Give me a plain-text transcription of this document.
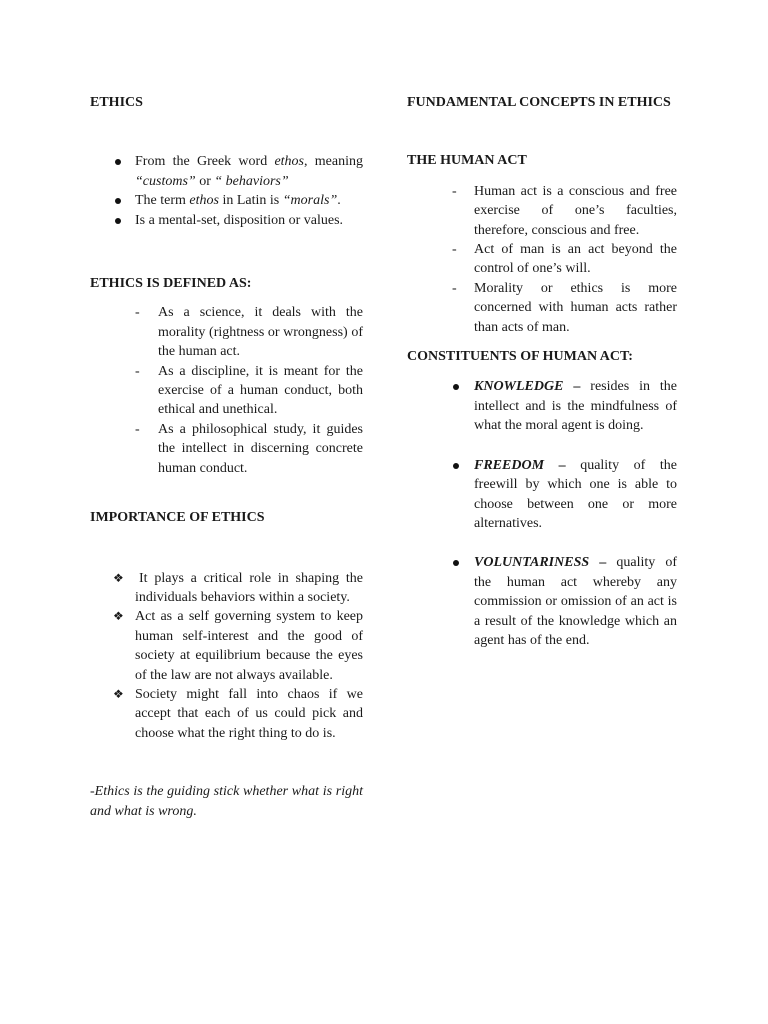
ETHICS
From the Greek word ethos, meaning “customs” or “ behaviors”
The term ethos in Latin is “morals”.
Is a mental-set, disposition or values.
ETHICS IS DEFINED AS:
- As a science, it deals with the morality (rightness or wrongness) of the human act.
- As a discipline, it is meant for the exercise of a human conduct, both ethical and unethical.
- As a philosophical study, it guides the intellect in discerning concrete human conduct.
IMPORTANCE OF ETHICS
❖ It plays a critical role in shaping the individuals behaviors within a society.
❖ Act as a self governing system to keep human self-interest and the good of society at equilibrium because the eyes of the law are not always available.
❖ Society might fall into chaos if we accept that each of us could pick and choose what the right thing to do is.
-Ethics is the guiding stick whether what is right and what is wrong.
FUNDAMENTAL CONCEPTS IN ETHICS
THE HUMAN ACT
- Human act is a conscious and free exercise of one’s faculties, therefore, conscious and free.
- Act of man is an act beyond the control of one’s will.
- Morality or ethics is more concerned with human acts rather than acts of man.
CONSTITUENTS OF HUMAN ACT:
KNOWLEDGE – resides in the intellect and is the mindfulness of what the moral agent is doing.
FREEDOM – quality of the freewill by which one is able to choose between one or more alternatives.
VOLUNTARINESS – quality of the human act whereby any commission or omission of an act is a result of the knowledge which an agent has of the end.
